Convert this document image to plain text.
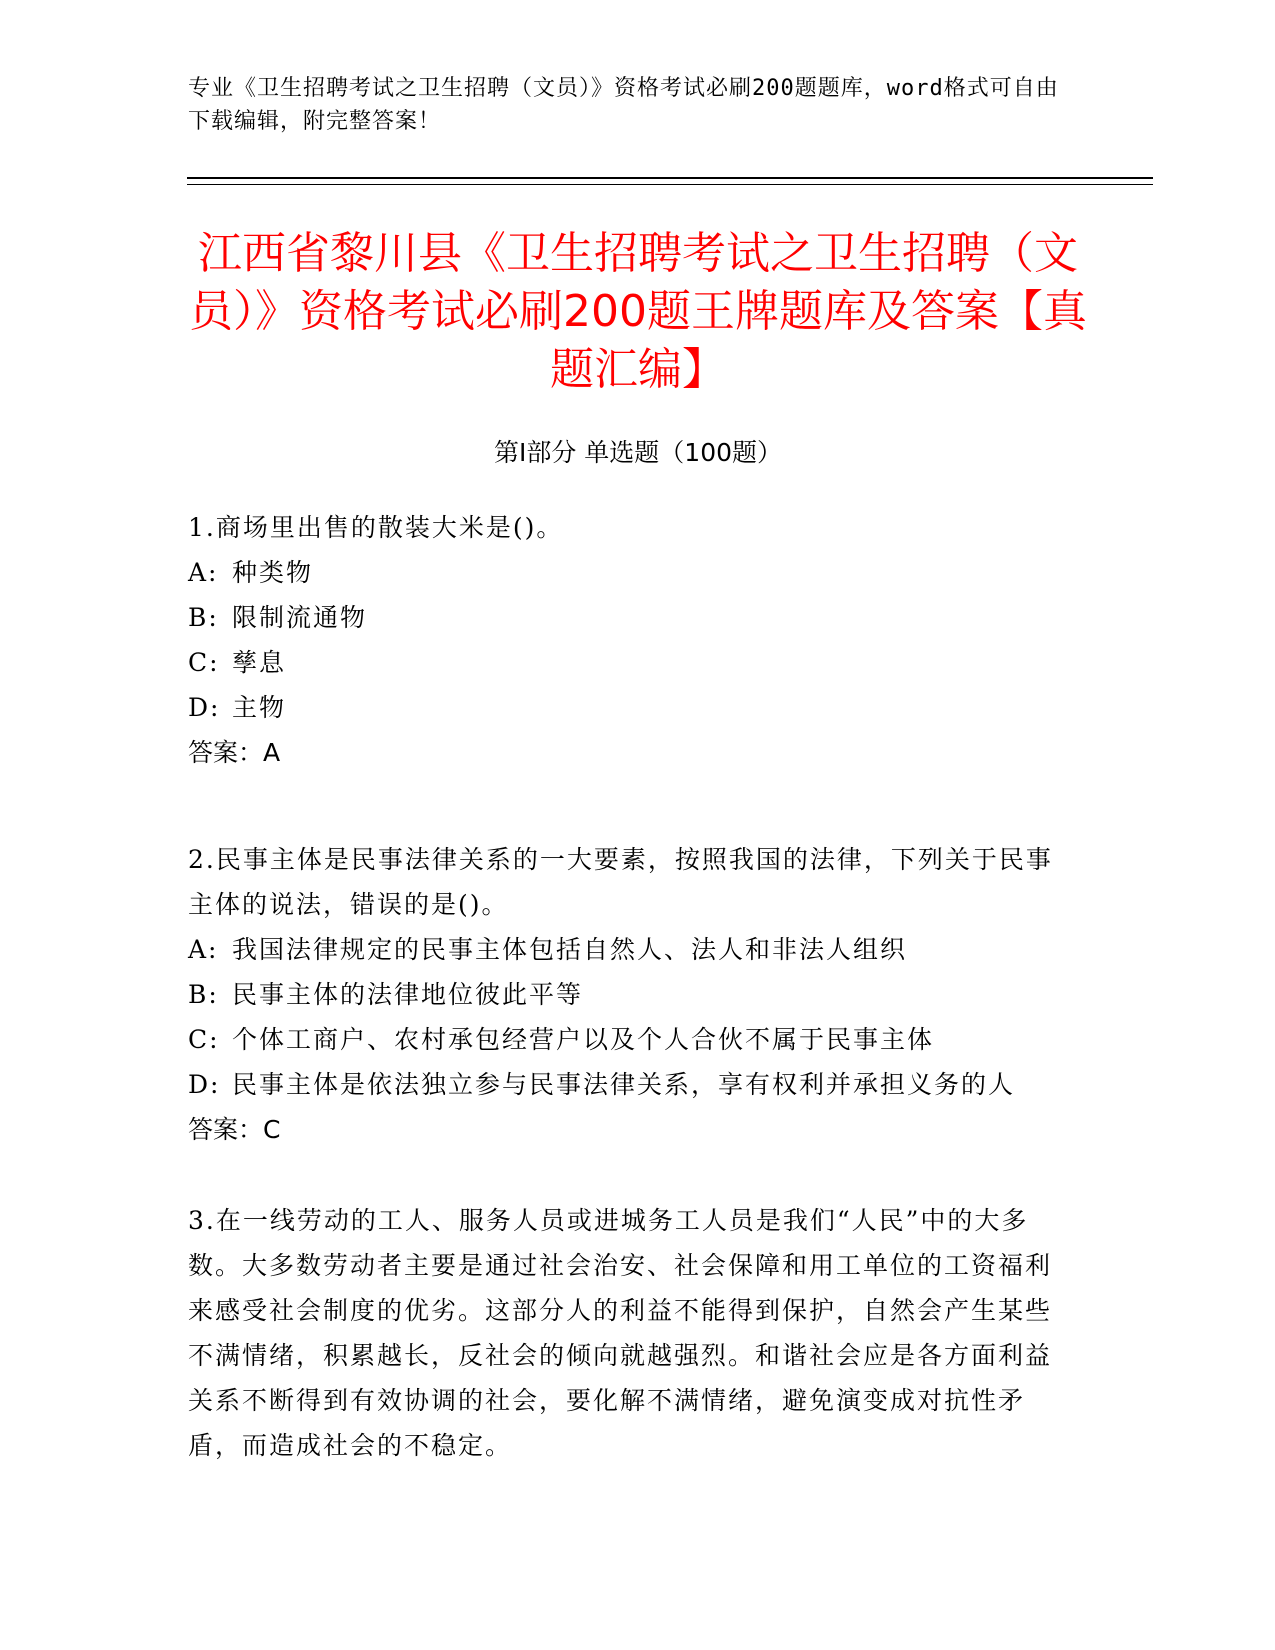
专业《卫生招聘考试之卫生招聘（文员）》资格考试必刷200题题库，word格式可自由下载编辑，附完整答案！
江西省黎川县《卫生招聘考试之卫生招聘（文员）》资格考试必刷200题王牌题库及答案【真题汇编】
第Ⅰ部分 单选题（100题）

1.商场里出售的散装大米是()。

A: 种类物

B: 限制流通物

C: 孳息

D: 主物

答案：A

2.民事主体是民事法律关系的一大要素，按照我国的法律，下列关于民事主体的说法，错误的是()。

A: 我国法律规定的民事主体包括自然人、法人和非法人组织

B: 民事主体的法律地位彼此平等

C: 个体工商户、农村承包经营户以及个人合伙不属于民事主体

D: 民事主体是依法独立参与民事法律关系，享有权利并承担义务的人

答案：C

3.在一线劳动的工人、服务人员或进城务工人员是我们“人民”中的大多数。大多数劳动者主要是通过社会治安、社会保障和用工单位的工资福利来感受社会制度的优劣。这部分人的利益不能得到保护，自然会产生某些不满情绪，积累越长，反社会的倾向就越强烈。和谐社会应是各方面利益关系不断得到有效协调的社会，要化解不满情绪，避免演变成对抗性矛盾，而造成社会的不稳定。
